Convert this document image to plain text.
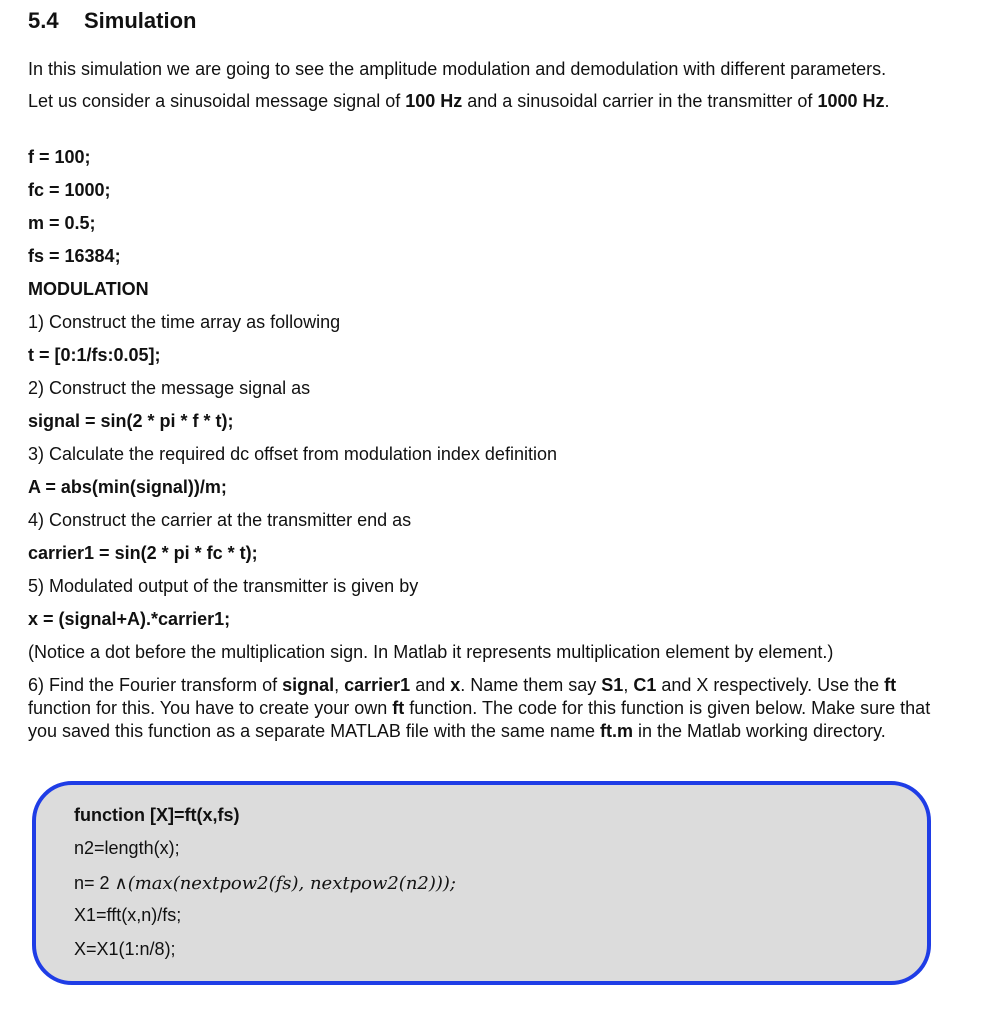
5.4 Simulation
In this simulation we are going to see the amplitude modulation and demodulation with different parameters.
Let us consider a sinusoidal message signal of 100 Hz and a sinusoidal carrier in the transmitter of 1000 Hz.
f = 100;
fc = 1000;
m = 0.5;
fs = 16384;
MODULATION
1) Construct the time array as following
t = [0:1/fs:0.05];
2) Construct the message signal as
signal = sin(2 * pi * f * t);
3) Calculate the required dc offset from modulation index definition
A = abs(min(signal))/m;
4) Construct the carrier at the transmitter end as
carrier1 = sin(2 * pi * fc * t);
5) Modulated output of the transmitter is given by
x = (signal+A).*carrier1;
(Notice a dot before the multiplication sign. In Matlab it represents multiplication element by element.)
6) Find the Fourier transform of signal, carrier1 and x. Name them say S1, C1 and X respectively. Use the ft function for this. You have to create your own ft function. The code for this function is given below. Make sure that you saved this function as a separate MATLAB file with the same name ft.m in the Matlab working directory.
function [X]=ft(x,fs)
n2=length(x);
n= 2 ∧(max(nextpow2(fs), nextpow2(n2)));
X1=fft(x,n)/fs;
X=X1(1:n/8);
